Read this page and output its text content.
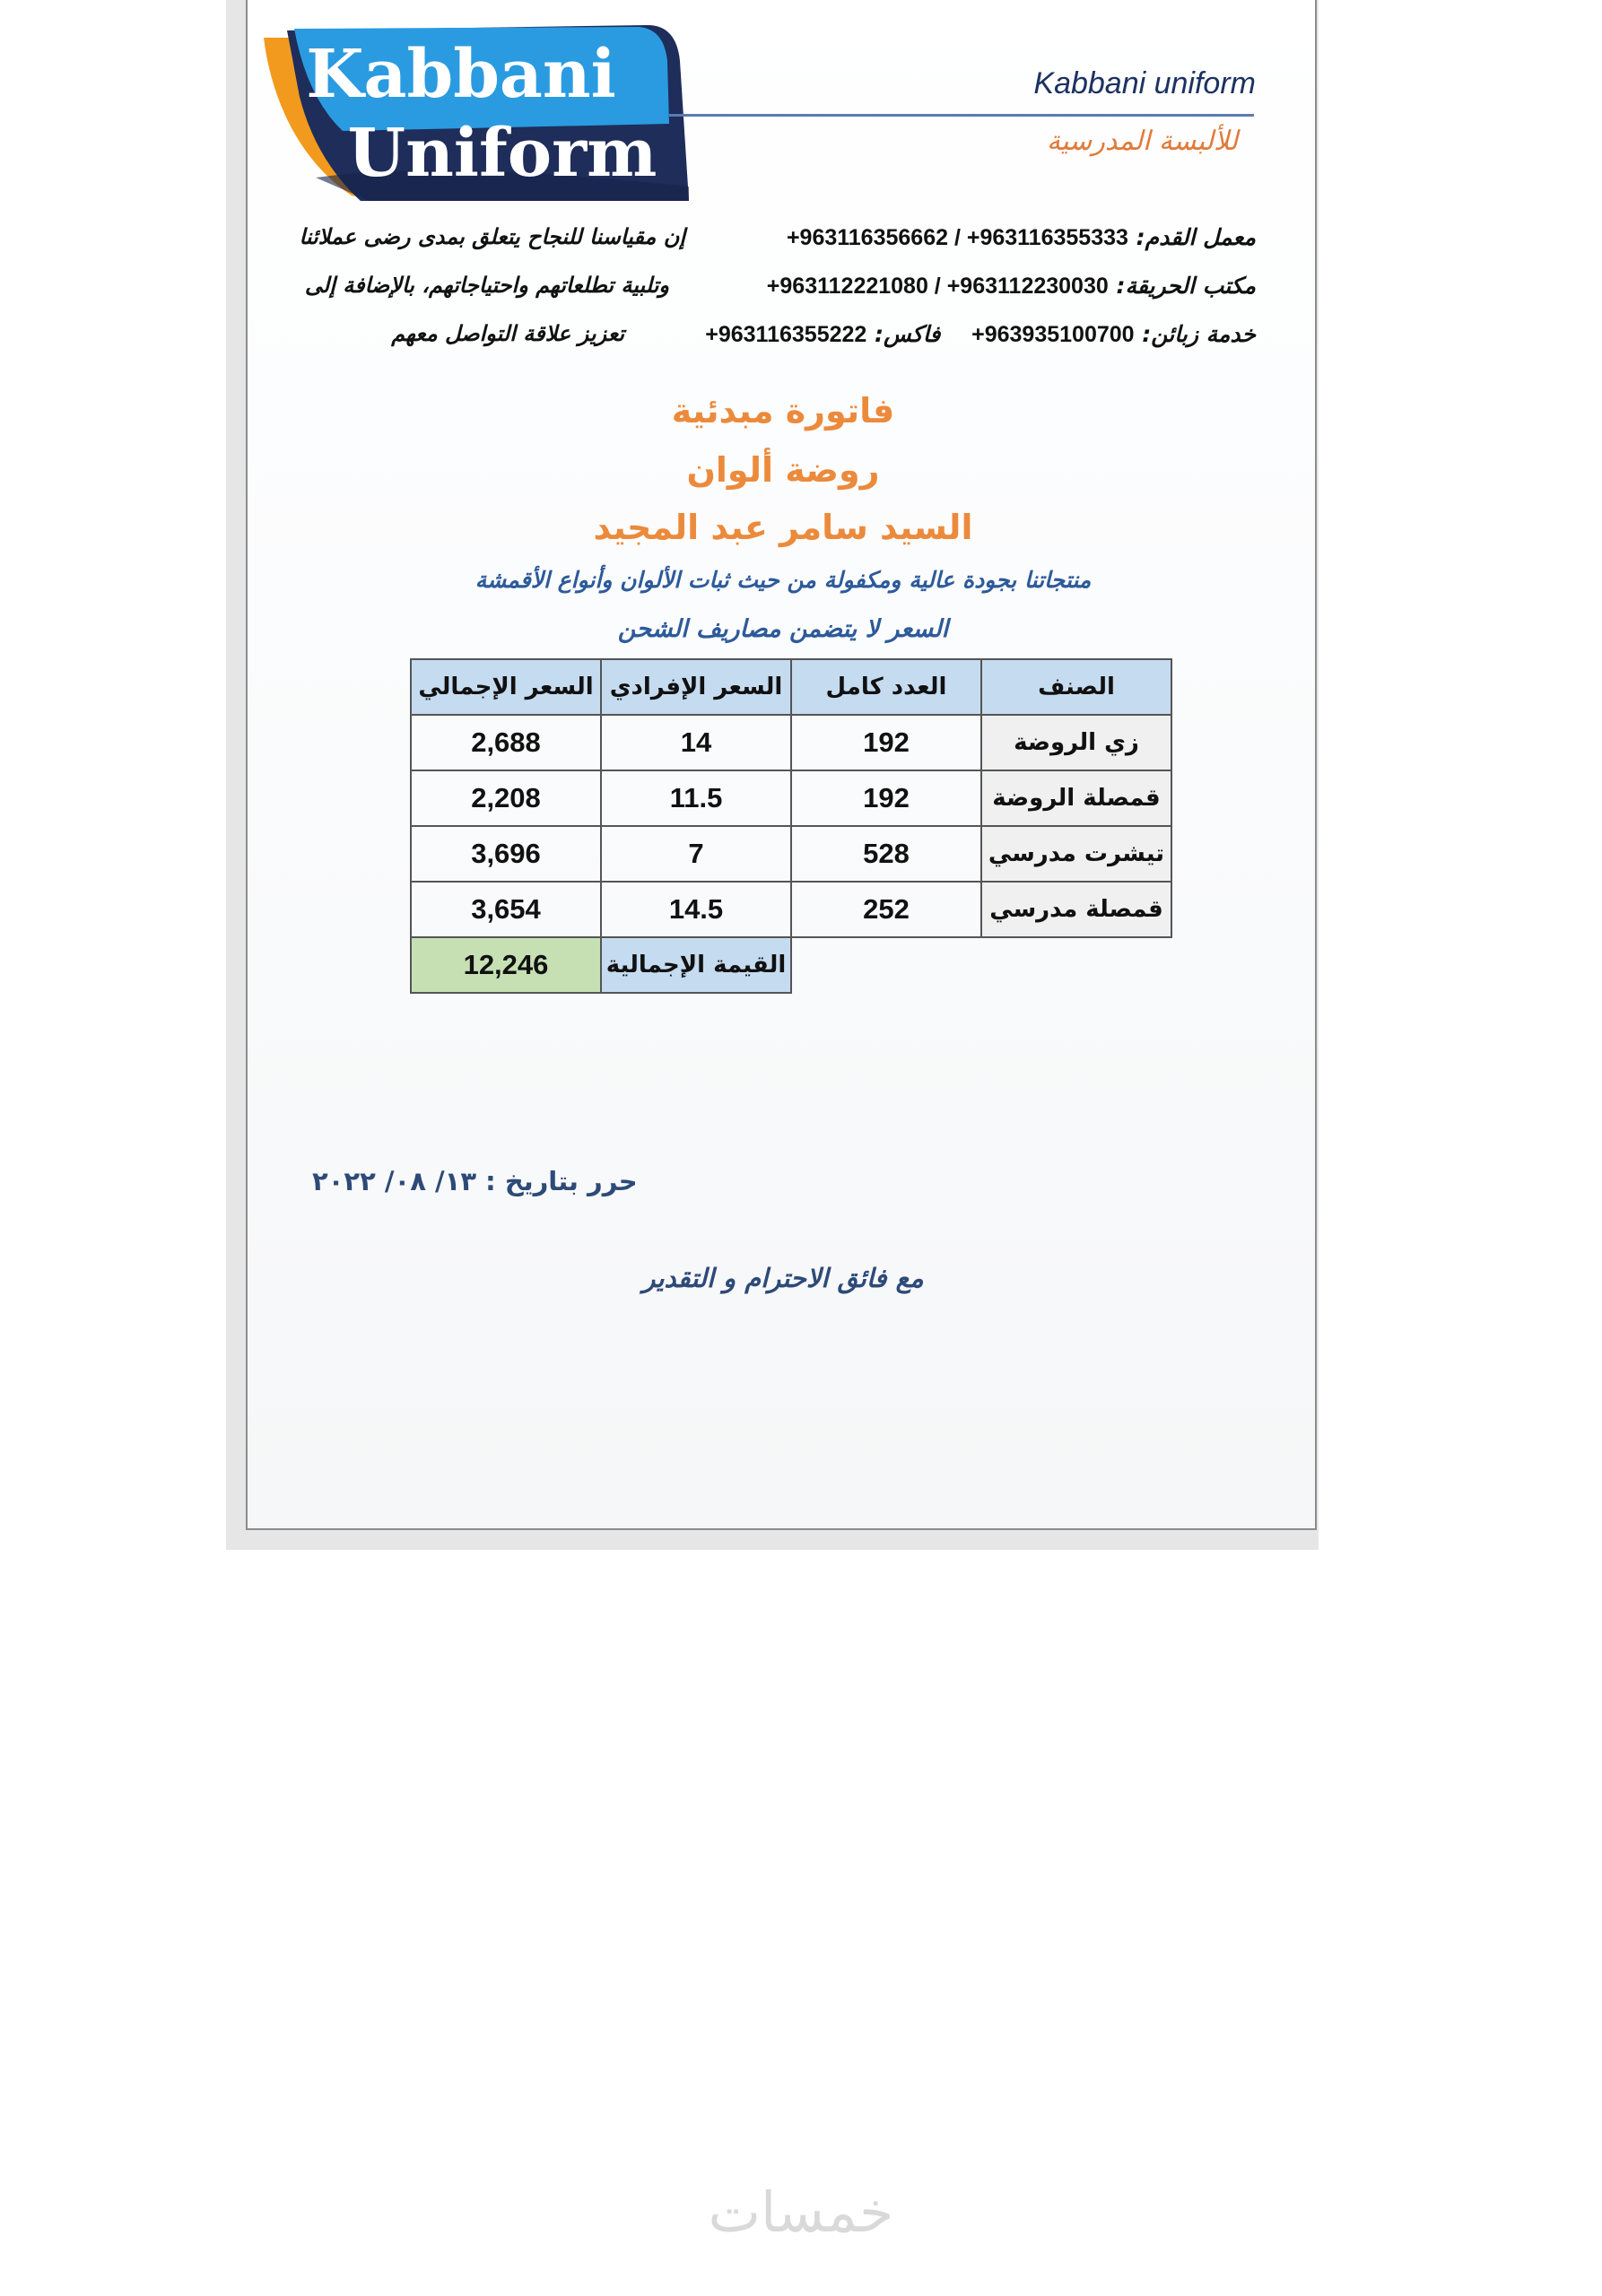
Kabbani
Uniform
Kabbani uniform
للألبسة المدرسية
معمل القدم: +963116356662 / +963116355333
مكتب الحريقة: +963112221080 / +963112230030
خدمة زبائن: +963935100700 فاكس: +963116355222
إن مقياسنا للنجاح يتعلق بمدى رضى عملائنا
وتلبية تطلعاتهم واحتياجاتهم، بالإضافة إلى
تعزيز علاقة التواصل معهم
فاتورة مبدئية
روضة ألوان
السيد سامر عبد المجيد
منتجاتنا بجودة عالية ومكفولة من حيث ثبات الألوان وأنواع الأقمشة
السعر لا يتضمن مصاريف الشحن
السعر الإجمالي	السعر الإفرادي	العدد كامل	الصنف
2,688	14	192	زي الروضة
2,208	11.5	192	قمصلة الروضة
3,696	7	528	تيشرت مدرسي
3,654	14.5	252	قمصلة مدرسي
12,246	القيمة الإجمالية		
حرر بتاريخ : ١٣/ ٠٨/ ٢٠٢٢
مع فائق الاحترام و التقدير
خمسات
